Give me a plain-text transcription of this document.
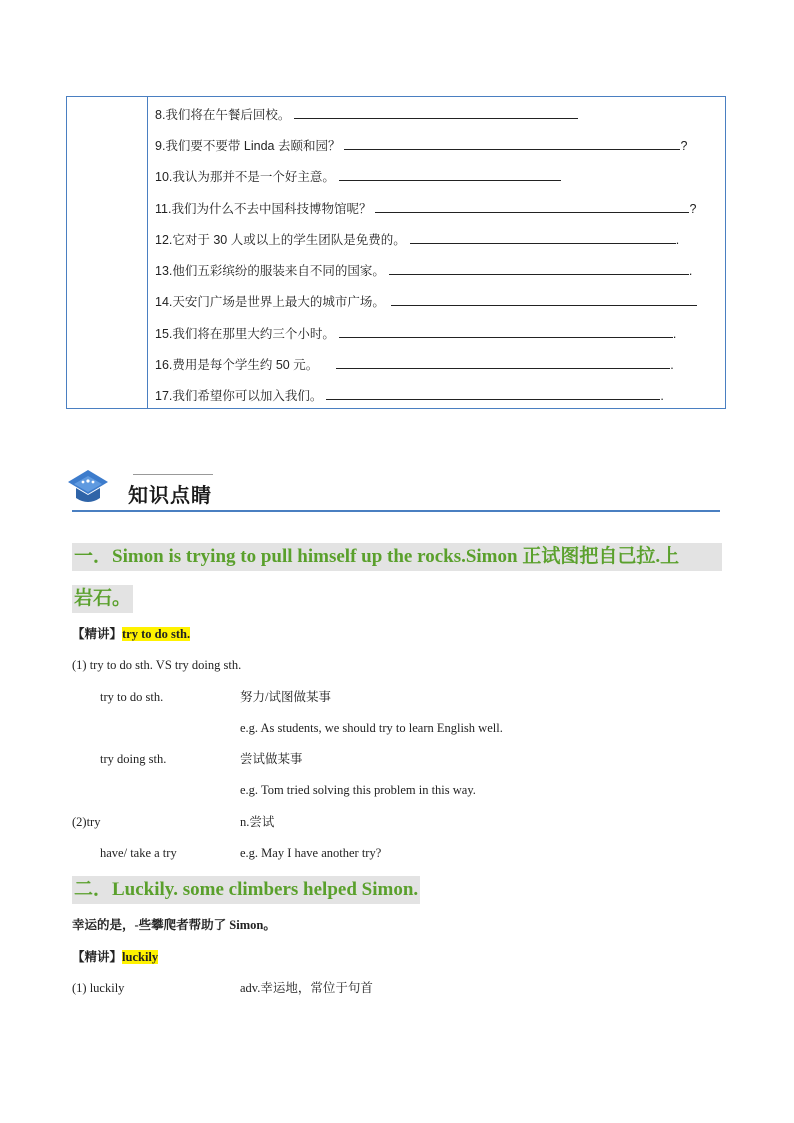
8.我们将在午餐后回校。
9.我们要不要带 Linda 去颐和园？	?
10.我认为那并不是一个好主意。
11.我们为什么不去中国科技博物馆呢？	?
12.它对于 30 人或以上的学生团队是免费的。	.
13.他们五彩缤纷的服装来自不同的国家。	.
14.天安门广场是世界上最大的城市广场。
15.我们将在那里大约三个小时。	.
16.费用是每个学生约 50 元。	.
17.我们希望你可以加入我们。	.
知识点睛
一．Simon is trying to pull himself up the rocks.Simon 正试图把自己拉.上
岩石。
【精讲】try to do sth.
(1) try to do sth. VS try doing sth.
try to do sth.	努力/试图做某事
e.g. As students, we should try to learn English well.
try doing sth.	尝试做某事
e.g. Tom tried solving this problem in this way.
(2)try	n.尝试
have/ take a try	e.g. May I have another try?
二．Luckily. some climbers helped Simon.
幸运的是，-些攀爬者帮助了 Simon。
【精讲】luckily
(1) luckily	adv.幸运地，常位于句首
